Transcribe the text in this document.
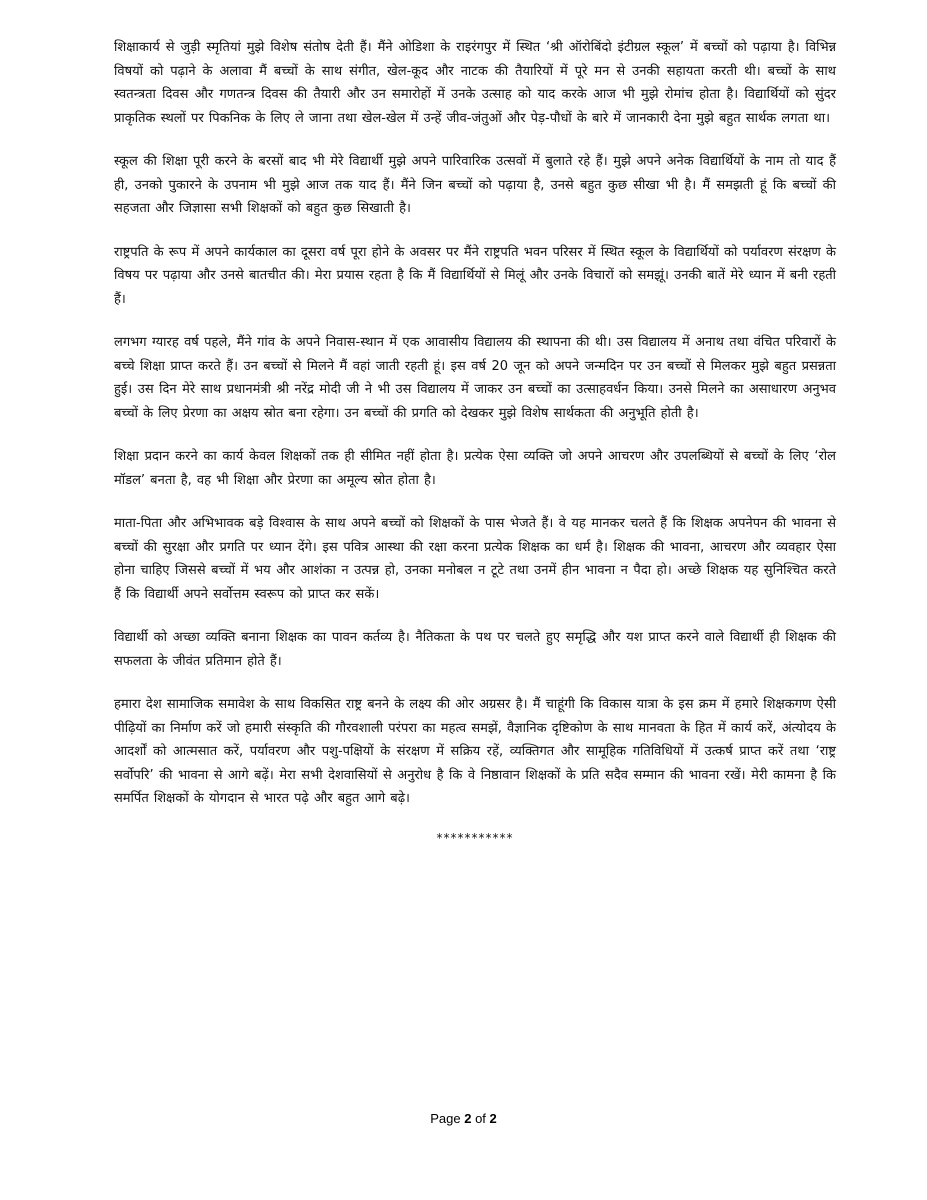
शिक्षाकार्य से जुड़ी स्मृतियां मुझे विशेष संतोष देती हैं। मैंने ओडिशा के राइरंगपुर में स्थित ‘श्री ऑरोबिंदो इंटीग्रल स्कूल’ में बच्चों को पढ़ाया है। विभिन्न विषयों को पढ़ाने के अलावा मैं बच्चों के साथ संगीत, खेल-कूद और नाटक की तैयारियों में पूरे मन से उनकी सहायता करती थी। बच्चों के साथ स्वतन्त्रता दिवस और गणतन्त्र दिवस की तैयारी और उन समारोहों में उनके उत्साह को याद करके आज भी मुझे रोमांच होता है। विद्यार्थियों को सुंदर प्राकृतिक स्थलों पर पिकनिक के लिए ले जाना तथा खेल-खेल में उन्हें जीव-जंतुओं और पेड़-पौधों के बारे में जानकारी देना मुझे बहुत सार्थक लगता था।

स्कूल की शिक्षा पूरी करने के बरसों बाद भी मेरे विद्यार्थी मुझे अपने पारिवारिक उत्सवों में बुलाते रहे हैं। मुझे अपने अनेक विद्यार्थियों के नाम तो याद हैं ही, उनको पुकारने के उपनाम भी मुझे आज तक याद हैं। मैंने जिन बच्चों को पढ़ाया है, उनसे बहुत कुछ सीखा भी है। मैं समझती हूं कि बच्चों की सहजता और जिज्ञासा सभी शिक्षकों को बहुत कुछ सिखाती है।

राष्ट्रपति के रूप में अपने कार्यकाल का दूसरा वर्ष पूरा होने के अवसर पर मैंने राष्ट्रपति भवन परिसर में स्थित स्कूल के विद्यार्थियों को पर्यावरण संरक्षण के विषय पर पढ़ाया और उनसे बातचीत की। मेरा प्रयास रहता है कि मैं विद्यार्थियों से मिलूं और उनके विचारों को समझूं। उनकी बातें मेरे ध्यान में बनी रहती हैं।

लगभग ग्यारह वर्ष पहले, मैंने गांव के अपने निवास-स्थान में एक आवासीय विद्यालय की स्थापना की थी। उस विद्यालय में अनाथ तथा वंचित परिवारों के बच्चे शिक्षा प्राप्त करते हैं। उन बच्चों से मिलने मैं वहां जाती रहती हूं। इस वर्ष 20 जून को अपने जन्मदिन पर उन बच्चों से मिलकर मुझे बहुत प्रसन्नता हुई। उस दिन मेरे साथ प्रधानमंत्री श्री नरेंद्र मोदी जी ने भी उस विद्यालय में जाकर उन बच्चों का उत्साहवर्धन किया। उनसे मिलने का असाधारण अनुभव बच्चों के लिए प्रेरणा का अक्षय स्रोत बना रहेगा। उन बच्चों की प्रगति को देखकर मुझे विशेष सार्थकता की अनुभूति होती है।

शिक्षा प्रदान करने का कार्य केवल शिक्षकों तक ही सीमित नहीं होता है। प्रत्येक ऐसा व्यक्ति जो अपने आचरण और उपलब्धियों से बच्चों के लिए ‘रोल मॉडल’ बनता है, वह भी शिक्षा और प्रेरणा का अमूल्य स्रोत होता है।

माता-पिता और अभिभावक बड़े विश्वास के साथ अपने बच्चों को शिक्षकों के पास भेजते हैं। वे यह मानकर चलते हैं कि शिक्षक अपनेपन की भावना से बच्चों की सुरक्षा और प्रगति पर ध्यान देंगे। इस पवित्र आस्था की रक्षा करना प्रत्येक शिक्षक का धर्म है। शिक्षक की भावना, आचरण और व्यवहार ऐसा होना चाहिए जिससे बच्चों में भय और आशंका न उत्पन्न हो, उनका मनोबल न टूटे तथा उनमें हीन भावना न पैदा हो। अच्छे शिक्षक यह सुनिश्चित करते हैं कि विद्यार्थी अपने सर्वोत्तम स्वरूप को प्राप्त कर सकें।

विद्यार्थी को अच्छा व्यक्ति बनाना शिक्षक का पावन कर्तव्य है। नैतिकता के पथ पर चलते हुए समृद्धि और यश प्राप्त करने वाले विद्यार्थी ही शिक्षक की सफलता के जीवंत प्रतिमान होते हैं।

हमारा देश सामाजिक समावेश के साथ विकसित राष्ट्र बनने के लक्ष्य की ओर अग्रसर है। मैं चाहूंगी कि विकास यात्रा के इस क्रम में हमारे शिक्षकगण ऐसी पीढ़ियों का निर्माण करें जो हमारी संस्कृति की गौरवशाली परंपरा का महत्व समझें, वैज्ञानिक दृष्टिकोण के साथ मानवता के हित में कार्य करें, अंत्योदय के आदर्शों को आत्मसात करें, पर्यावरण और पशु-पक्षियों के संरक्षण में सक्रिय रहें, व्यक्तिगत और सामूहिक गतिविधियों में उत्कर्ष प्राप्त करें तथा ‘राष्ट्र सर्वोपरि’ की भावना से आगे बढ़ें। मेरा सभी देशवासियों से अनुरोध है कि वे निष्ठावान शिक्षकों के प्रति सदैव सम्मान की भावना रखें। मेरी कामना है कि समर्पित शिक्षकों के योगदान से भारत पढ़े और बहुत आगे बढ़े।

***********
Page 2 of 2
